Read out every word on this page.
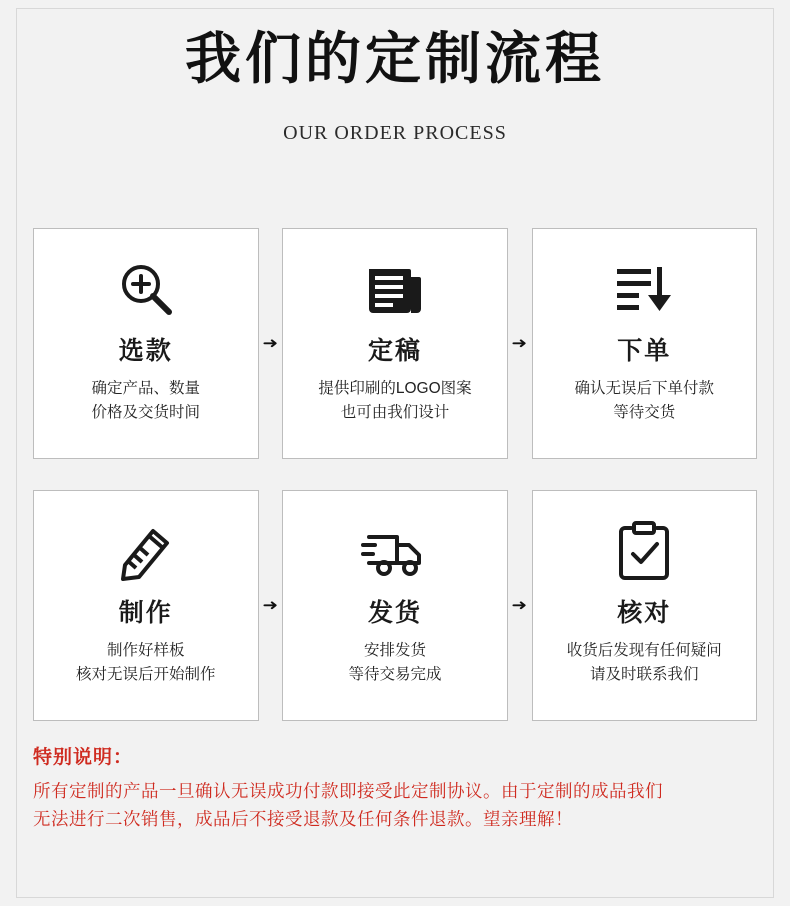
我们的定制流程
OUR ORDER PROCESS
选款
确定产品、数量
价格及交货时间
➜	定稿
提供印刷的LOGO图案
也可由我们设计
➜	下单
确认无误后下单付款
等待交货
制作
制作好样板
核对无误后开始制作
➜	发货
安排发货
等待交易完成
➜	核对
收货后发现有任何疑问
请及时联系我们
特别说明：
所有定制的产品一旦确认无误成功付款即接受此定制协议。由于定制的成品我们
无法进行二次销售，成品后不接受退款及任何条件退款。望亲理解！
